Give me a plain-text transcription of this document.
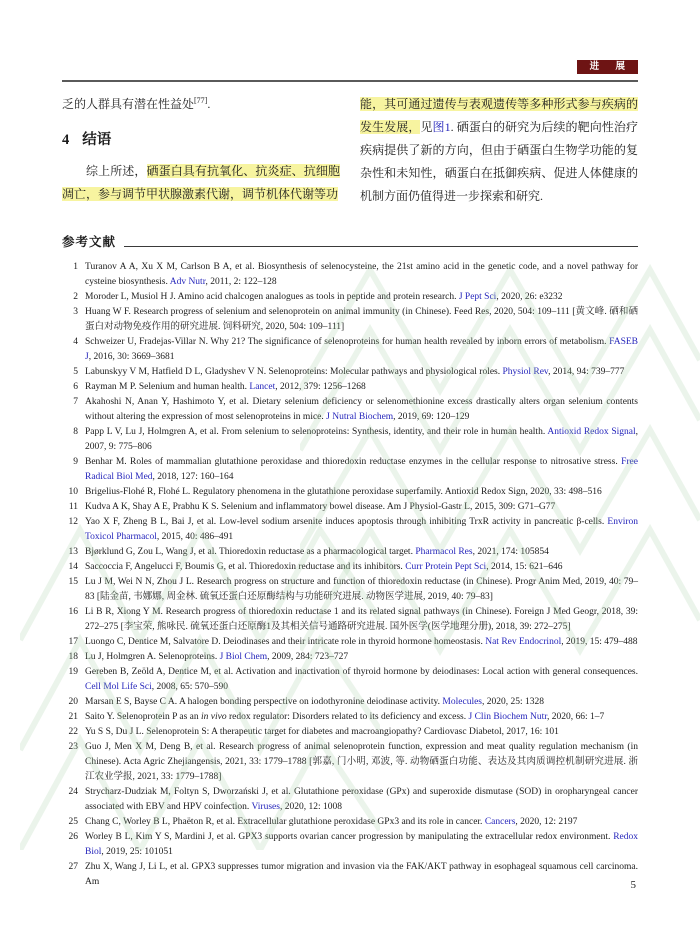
进 展

乏的人群具有潜在性益处[77].

4 结语

综上所述，硒蛋白具有抗氧化、抗炎症、抗细胞凋亡，参与调节甲状腺激素代谢，调节机体代谢等功

能，其可通过遗传与表观遗传等多种形式参与疾病的发生发展，见图1. 硒蛋白的研究为后续的靶向性治疗疾病提供了新的方向，但由于硒蛋白生物学功能的复杂性和未知性，硒蛋白在抵御疾病、促进人体健康的机制方面仍值得进一步探索和研究.

参考文献
1 Turanov A A, Xu X M, Carlson B A, et al. Biosynthesis of selenocysteine, the 21st amino acid in the genetic code, and a novel pathway for cysteine biosynthesis. Adv Nutr, 2011, 2: 122–128
2 Moroder L, Musiol H J. Amino acid chalcogen analogues as tools in peptide and protein research. J Pept Sci, 2020, 26: e3232
3 Huang W F. Research progress of selenium and selenoprotein on animal immunity (in Chinese). Feed Res, 2020, 504: 109–111 [黄文峰. 硒和硒蛋白对动物免疫作用的研究进展. 饲料研究, 2020, 504: 109–111]
4 Schweizer U, Fradejas-Villar N. Why 21? The significance of selenoproteins for human health revealed by inborn errors of metabolism. FASEB J, 2016, 30: 3669–3681
5 Labunskyy V M, Hatfield D L, Gladyshev V N. Selenoproteins: Molecular pathways and physiological roles. Physiol Rev, 2014, 94: 739–777
6 Rayman M P. Selenium and human health. Lancet, 2012, 379: 1256–1268
7 Akahoshi N, Anan Y, Hashimoto Y, et al. Dietary selenium deficiency or selenomethionine excess drastically alters organ selenium contents without altering the expression of most selenoproteins in mice. J Nutral Biochem, 2019, 69: 120–129
8 Papp L V, Lu J, Holmgren A, et al. From selenium to selenoproteins: Synthesis, identity, and their role in human health. Antioxid Redox Signal, 2007, 9: 775–806
9 Benhar M. Roles of mammalian glutathione peroxidase and thioredoxin reductase enzymes in the cellular response to nitrosative stress. Free Radical Biol Med, 2018, 127: 160–164
10 Brigelius-Flohé R, Flohé L. Regulatory phenomena in the glutathione peroxidase superfamily. Antioxid Redox Sign, 2020, 33: 498–516
11 Kudva A K, Shay A E, Prabhu K S. Selenium and inflammatory bowel disease. Am J Physiol-Gastr L, 2015, 309: G71–G77
12 Yao X F, Zheng B L, Bai J, et al. Low-level sodium arsenite induces apoptosis through inhibiting TrxR activity in pancreatic β-cells. Environ Toxicol Pharmacol, 2015, 40: 486–491
13 Bjørklund G, Zou L, Wang J, et al. Thioredoxin reductase as a pharmacological target. Pharmacol Res, 2021, 174: 105854
14 Saccoccia F, Angelucci F, Boumis G, et al. Thioredoxin reductase and its inhibitors. Curr Protein Pept Sci, 2014, 15: 621–646
15 Lu J M, Wei N N, Zhou J L. Research progress on structure and function of thioredoxin reductase (in Chinese). Progr Anim Med, 2019, 40: 79–83 [陆金苗, 韦娜娜, 周金林. 硫氧还蛋白还原酶结构与功能研究进展. 动物医学进展, 2019, 40: 79–83]
16 Li B R, Xiong Y M. Research progress of thioredoxin reductase 1 and its related signal pathways (in Chinese). Foreign J Med Geogr, 2018, 39: 272–275 [李宝荣, 熊咏民. 硫氧还蛋白还原酶1及其相关信号通路研究进展. 国外医学(医学地理分册), 2018, 39: 272–275]
17 Luongo C, Dentice M, Salvatore D. Deiodinases and their intricate role in thyroid hormone homeostasis. Nat Rev Endocrinol, 2019, 15: 479–488
18 Lu J, Holmgren A. Selenoproteins. J Biol Chem, 2009, 284: 723–727
19 Gereben B, Zeöld A, Dentice M, et al. Activation and inactivation of thyroid hormone by deiodinases: Local action with general consequences. Cell Mol Life Sci, 2008, 65: 570–590
20 Marsan E S, Bayse C A. A halogen bonding perspective on iodothyronine deiodinase activity. Molecules, 2020, 25: 1328
21 Saito Y. Selenoprotein P as an in vivo redox regulator: Disorders related to its deficiency and excess. J Clin Biochem Nutr, 2020, 66: 1–7
22 Yu S S, Du J L. Selenoprotein S: A therapeutic target for diabetes and macroangiopathy? Cardiovasc Diabetol, 2017, 16: 101
23 Guo J, Men X M, Deng B, et al. Research progress of animal selenoprotein function, expression and meat quality regulation mechanism (in Chinese). Acta Agric Zhejiangensis, 2021, 33: 1779–1788 [郭嘉, 门小明, 邓波, 等. 动物硒蛋白功能、表达及其肉质调控机制研究进展. 浙江农业学报, 2021, 33: 1779–1788]
24 Strycharz-Dudziak M, Foltyn S, Dworzański J, et al. Glutathione peroxidase (GPx) and superoxide dismutase (SOD) in oropharyngeal cancer associated with EBV and HPV coinfection. Viruses, 2020, 12: 1008
25 Chang C, Worley B L, Phaëton R, et al. Extracellular glutathione peroxidase GPx3 and its role in cancer. Cancers, 2020, 12: 2197
26 Worley B L, Kim Y S, Mardini J, et al. GPX3 supports ovarian cancer progression by manipulating the extracellular redox environment. Redox Biol, 2019, 25: 101051
27 Zhu X, Wang J, Li L, et al. GPX3 suppresses tumor migration and invasion via the FAK/AKT pathway in esophageal squamous cell carcinoma. Am	5
